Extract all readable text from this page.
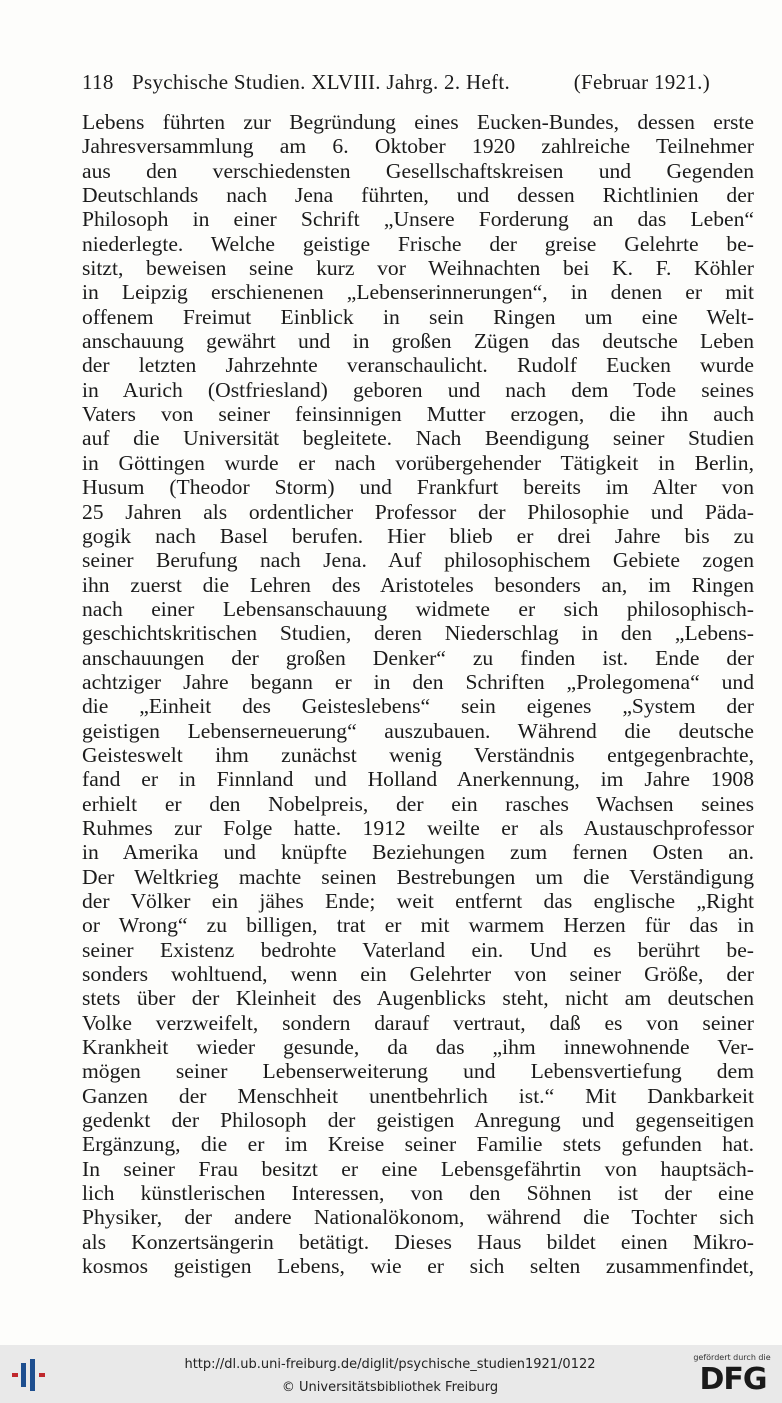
118 Psychische Studien. XLVIII. Jahrg. 2. Heft.	(Februar 1921.)
Lebens führten zur Begründung eines Eucken-Bundes, dessen erste
Jahresversammlung am 6. Oktober 1920 zahlreiche Teilnehmer
aus den verschiedensten Gesellschaftskreisen und Gegenden
Deutschlands nach Jena führten, und dessen Richtlinien der
Philosoph in einer Schrift „Unsere Forderung an das Leben“
niederlegte. Welche geistige Frische der greise Gelehrte be-
sitzt, beweisen seine kurz vor Weihnachten bei K. F. Köhler
in Leipzig erschienenen „Lebenserinnerungen“, in denen er mit
offenem Freimut Einblick in sein Ringen um eine Welt-
anschauung gewährt und in großen Zügen das deutsche Leben
der letzten Jahrzehnte veranschaulicht. Rudolf Eucken wurde
in Aurich (Ostfriesland) geboren und nach dem Tode seines
Vaters von seiner feinsinnigen Mutter erzogen, die ihn auch
auf die Universität begleitete. Nach Beendigung seiner Studien
in Göttingen wurde er nach vorübergehender Tätigkeit in Berlin,
Husum (Theodor Storm) und Frankfurt bereits im Alter von
25 Jahren als ordentlicher Professor der Philosophie und Päda-
gogik nach Basel berufen. Hier blieb er drei Jahre bis zu
seiner Berufung nach Jena. Auf philosophischem Gebiete zogen
ihn zuerst die Lehren des Aristoteles besonders an, im Ringen
nach einer Lebensanschauung widmete er sich philosophisch-
geschichtskritischen Studien, deren Niederschlag in den „Lebens-
anschauungen der großen Denker“ zu finden ist. Ende der
achtziger Jahre begann er in den Schriften „Prolegomena“ und
die „Einheit des Geisteslebens“ sein eigenes „System der
geistigen Lebenserneuerung“ auszubauen. Während die deutsche
Geisteswelt ihm zunächst wenig Verständnis entgegenbrachte,
fand er in Finnland und Holland Anerkennung, im Jahre 1908
erhielt er den Nobelpreis, der ein rasches Wachsen seines
Ruhmes zur Folge hatte. 1912 weilte er als Austauschprofessor
in Amerika und knüpfte Beziehungen zum fernen Osten an.
Der Weltkrieg machte seinen Bestrebungen um die Verständigung
der Völker ein jähes Ende; weit entfernt das englische „Right
or Wrong“ zu billigen, trat er mit warmem Herzen für das in
seiner Existenz bedrohte Vaterland ein. Und es berührt be-
sonders wohltuend, wenn ein Gelehrter von seiner Größe, der
stets über der Kleinheit des Augenblicks steht, nicht am deutschen
Volke verzweifelt, sondern darauf vertraut, daß es von seiner
Krankheit wieder gesunde, da das „ihm innewohnende Ver-
mögen seiner Lebenserweiterung und Lebensvertiefung dem
Ganzen der Menschheit unentbehrlich ist.“ Mit Dankbarkeit
gedenkt der Philosoph der geistigen Anregung und gegenseitigen
Ergänzung, die er im Kreise seiner Familie stets gefunden hat.
In seiner Frau besitzt er eine Lebensgefährtin von hauptsäch-
lich künstlerischen Interessen, von den Söhnen ist der eine
Physiker, der andere Nationalökonom, während die Tochter sich
als Konzertsängerin betätigt. Dieses Haus bildet einen Mikro-
kosmos geistigen Lebens, wie er sich selten zusammenfindet,
http://dl.ub.uni-freiburg.de/diglit/psychische_studien1921/0122
© Universitätsbibliothek Freiburg
gefördert durch die
DFG
